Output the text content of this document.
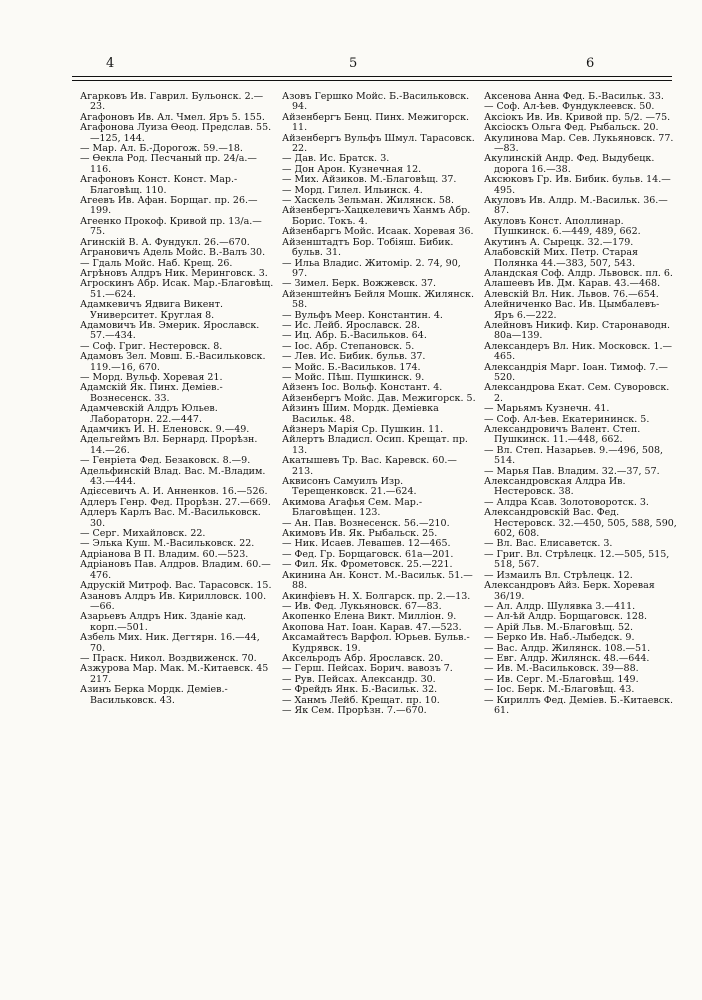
4	5	6

Агарковъ Ив. Гаврил. Бульонск. 2.—23.

Агафоновъ Ив. Ал. Чмел. Яръ 5. 155.

Агафонова Луиза Өеод. Предслав. 55.—125, 144.

— Мар. Ал. Б.-Дорогож. 59.—18.

— Өекла Род. Песчаный пр. 24/а.—116.

Агафоновъ Конст. Конст. Мар.-Благовѣщ. 110.

Агеевъ Ив. Афан. Борщаг. пр. 26.—199.

Агеенко Прокоф. Кривой пр. 13/а.—75.

Агинскій В. А. Фундукл. 26.—670.

Аграновичъ Адель Мойс. В.-Валъ 30.

— Гдаль Мойс. Наб. Крещ. 26.

Агрѣновъ Алдръ Ник. Меринговск. 3.

Агроскинъ Абр. Исак. Мар.-Благовѣщ. 51.—624.

Адамкевичъ Ядвига Викент. Университет. Круглая 8.

Адамовичъ Ив. Эмерик. Ярославск. 57.—434.

— Соф. Григ. Нестеровск. 8.

Адамовъ Зел. Мовш. Б.-Васильковск. 119.—16, 670.

— Морд. Вульф. Хоревая 21.

Адамскій Як. Пинх. Деміев.-Вознесенск. 33.

Адамчевскій Алдръ Юльев. Лабораторн. 22.—447.

Адамчикъ И. Н. Еленовск. 9.—49.

Адельгеймъ Вл. Бернард. Прорѣзн. 14.—26.

— Генріета Фед. Безаковск. 8.—9.

Адельфинскій Влад. Вас. М.-Владим. 43.—444.

Адієсевичъ А. И. Анненков. 16.—526.

Адлеръ Генр. Фед. Прорѣзн. 27.—669.

Адлеръ Карлъ Вас. М.-Васильковск. 30.

— Серг. Михайловск. 22.

— Элька Куш. М.-Васильковск. 22.

Адріанова В П. Владим. 60.—523.

Адріановъ Пав. Алдров. Владим. 60.—476.

Адрускій Митроф. Вас. Тарасовск. 15.

Азановъ Алдръ Ив. Кирилловск. 100.—66.

Азарьевъ Алдръ Ник. Зданіе кад. корп.—501.

Азбель Мих. Ник. Дегтярн. 16.—44, 70.

— Праск. Никол. Воздвиженск. 70.

Азжурова Мар. Мак. М.-Китаевск. 45 217.

Азинъ Берка Мордк. Деміев.-Васильковск. 43.

Азовъ Гершко Мойс. Б.-Васильковск. 94.

Айзенбергъ Бенц. Пинх. Межигорск. 11.

Айзенбергъ Вульфъ Шмул. Тарасовск. 22.

— Дав. Ис. Братск. 3.

— Дон Арон. Кузнечная 12.

— Мих. Айзиков. М.-Благовѣщ. 37.

— Морд. Гилел. Ильинск. 4.

— Хаскель Зельман. Жилянск. 58.

Айзенбергъ-Хацкелевичъ Ханмъ Абр. Борис. Токъ. 4.

Айзенбаргъ Мойс. Исаак. Хоревая 36.

Айзенштадтъ Бор. Тобіяш. Бибик. бульв. 31.

— Ильа Владис. Житомір. 2. 74, 90, 97.

— Зимел. Берк. Вожжевск. 37.

Айзенштейнъ Бейля Мошк. Жилянск. 58.

— Вульфъ Меер. Константин. 4.

— Ис. Лейб. Ярославск. 28.

— Иц. Абр. Б.-Васильков. 64.

— Іос. Абр. Степановск. 5.

— Лев. Ис. Бибик. бульв. 37.

— Мойс. Б.-Васильков. 174.

— Мойс. Пѣш. Пушкинск. 9.

Айзенъ Іос. Вольф. Констант. 4.

Айзенбергъ Мойс. Дав. Межигорск. 5.

Айзинъ Шим. Мордк. Деміевка Васильк. 48.

Айзнеръ Марія Ср. Пушкин. 11.

Айлертъ Владисл. Осип. Крещат. пр. 13.

Акатышевъ Тр. Вас. Каревск. 60.—213.

Аквисонъ Самуилъ Изр. Терещенковск. 21.—624.

Акимова Агафья Сем. Мар.-Благовѣщен. 123.

— Ан. Пав. Вознесенск. 56.—210.

Акимовъ Ив. Як. Рыбальск. 25.

— Ник. Исаев. Левашев. 12—465.

— Фед. Гр. Борщаговск. 61а—201.

— Фил. Як. Фрометовск. 25.—221.

Акинина Ан. Конст. М.-Васильк. 51.—88.

Акинфіевъ Н. Х. Болгарск. пр. 2.—13.

— Ив. Фед. Лукьяновск. 67—83.

Акопенко Елена Викт. Милліон. 9.

Акопова Нат. Іоан. Карав. 47.—523.

Аксамайтесъ Варфол. Юрьев. Бульв.-Кудрявск. 19.

Аксельродъ Абр. Ярославск. 20.

— Герш. Пейсах. Борич. вавозъ 7.

— Рув. Пейсах. Александр. 30.

— Фрейдъ Янк. Б.-Васильк. 32.

— Ханмъ Лейб. Крещат. пр. 10.

— Як Сем. Прорѣзн. 7.—670.

Аксенова Анна Фед. Б.-Васильк. 33.

— Соф. Ал-ѣев. Фундуклеевск. 50.

Аксіокъ Ив. Ив. Кривой пр. 5/2. —75.

Аксіоскъ Ольга Фед. Рыбальск. 20.

Акулинова Мар. Сев. Лукьяновск. 77.—83.

Акулинскій Андр. Фед. Выдубецк. дорога 16.—38.

Аксюковъ Гр. Ив. Бибик. бульв. 14.—495.

Акуловъ Ив. Алдр. М.-Васильк. 36.—87.

Акуловъ Конст. Аполлинар. Пушкинск. 6.—449, 489, 662.

Акутинъ А. Сырецк. 32.—179.

Алабовскій Мих. Петр. Старая Полянка 44.—383, 507, 543.

Аландская Соф. Алдр. Львовск. пл. 6.

Алашеевъ Ив. Дм. Карав. 43.—468.

Алевскій Вл. Ник. Львов. 76.—654.

Алейниченко Вас. Ив. Цымбалевъ-Яръ 6.—222.

Алейновъ Никиф. Кир. Старонаводн. 80а—139.

Александеръ Вл. Ник. Московск. 1.—465.

Александрія Марг. Іоан. Тимоф. 7.—520.

Александрова Екат. Сем. Суворовск. 2.

— Марьямъ Кузнечн. 41.

— Соф. Ал-ѣев. Екатерининск. 5.

Александровичъ Валент. Степ. Пушкинск. 11.—448, 662.

— Вл. Степ. Назарьев. 9.—496, 508, 514.

— Марья Пав. Владим. 32.—37, 57.

Александровская Алдра Ив. Нестеровск. 38.

— Алдра Ксав. Золотоворотск. 3.

Александровскій Вас. Фед. Нестеровск. 32.—450, 505, 588, 590, 602, 608.

— Вл. Вас. Елисаветск. 3.

— Григ. Вл. Стрѣлецк. 12.—505, 515, 518, 567.

— Измаилъ Вл. Стрѣлецк. 12.

Александровъ Айз. Берк. Хоревая 36/19.

— Ал. Алдр. Шулявка 3.—411.

— Ал-ѣй Алдр. Борщаговск. 128.

— Арій Льв. М.-Благовѣщ. 52.

— Берко Ив. Наб.-Лыбедск. 9.

— Вас. Алдр. Жилянск. 108.—51.

— Евг. Алдр. Жилянск. 48.—644.

— Ив. М.-Васильковск. 39—88.

— Ив. Серг. М.-Благовѣщ. 149.

— Іос. Берк. М.-Благовѣщ. 43.

— Кириллъ Фед. Деміев. Б.-Китаевск. 61.
